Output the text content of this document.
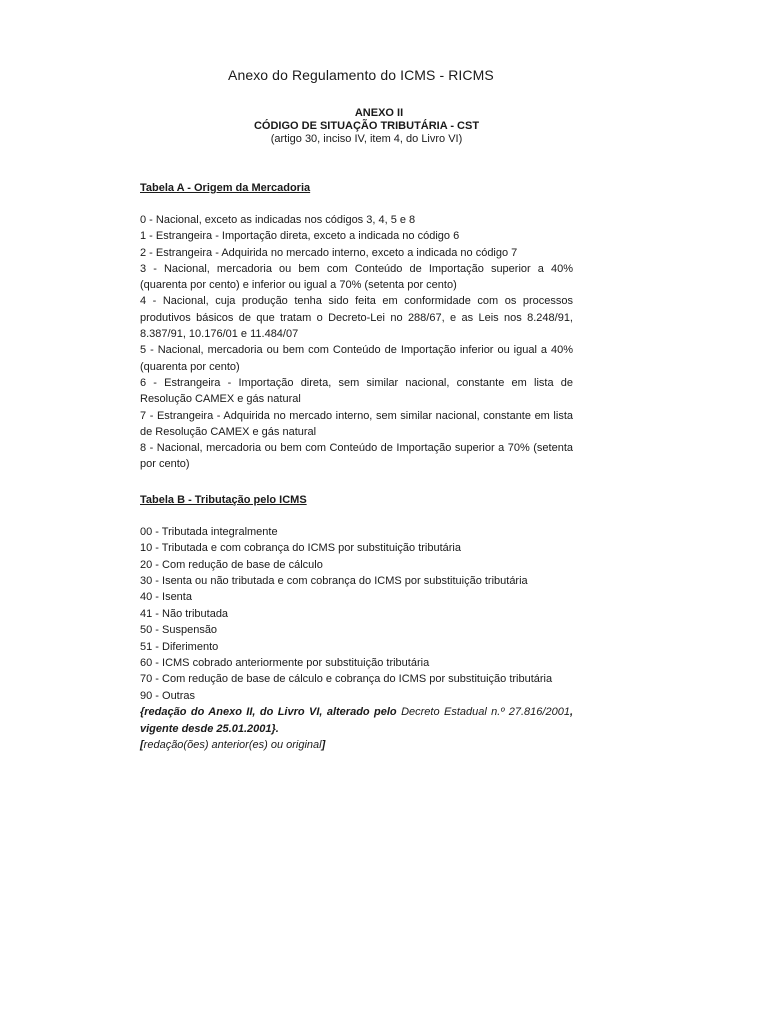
Anexo do Regulamento do ICMS - RICMS
ANEXO II
CÓDIGO DE SITUAÇÃO TRIBUTÁRIA - CST
(artigo 30, inciso IV, item 4, do Livro VI)

Tabela A - Origem da Mercadoria

0 - Nacional, exceto as indicadas nos códigos 3, 4, 5 e 8
1 - Estrangeira - Importação direta, exceto a indicada no código 6
2 - Estrangeira - Adquirida no mercado interno, exceto a indicada no código 7
3 - Nacional, mercadoria ou bem com Conteúdo de Importação superior a 40% (quarenta por cento) e inferior ou igual a 70% (setenta por cento)
4 - Nacional, cuja produção tenha sido feita em conformidade com os processos produtivos básicos de que tratam o Decreto-Lei no 288/67, e as Leis nos 8.248/91, 8.387/91, 10.176/01 e 11.484/07
5 - Nacional, mercadoria ou bem com Conteúdo de Importação inferior ou igual a 40% (quarenta por cento)
6 - Estrangeira - Importação direta, sem similar nacional, constante em lista de Resolução CAMEX e gás natural
7 - Estrangeira - Adquirida no mercado interno, sem similar nacional, constante em lista de Resolução CAMEX e gás natural
8 - Nacional, mercadoria ou bem com Conteúdo de Importação superior a 70% (setenta por cento)

Tabela B - Tributação pelo ICMS

00 - Tributada integralmente
10 - Tributada e com cobrança do ICMS por substituição tributária
20 - Com redução de base de cálculo
30 - Isenta ou não tributada e com cobrança do ICMS por substituição tributária
40 - Isenta
41 - Não tributada
50 - Suspensão
51 - Diferimento
60 - ICMS cobrado anteriormente por substituição tributária
70 - Com redução de base de cálculo e cobrança do ICMS por substituição tributária
90 - Outras

{redação do Anexo II, do Livro VI, alterado pelo Decreto Estadual n.º 27.816/2001, vigente desde 25.01.2001}.

[redação(ões) anterior(es) ou original]
